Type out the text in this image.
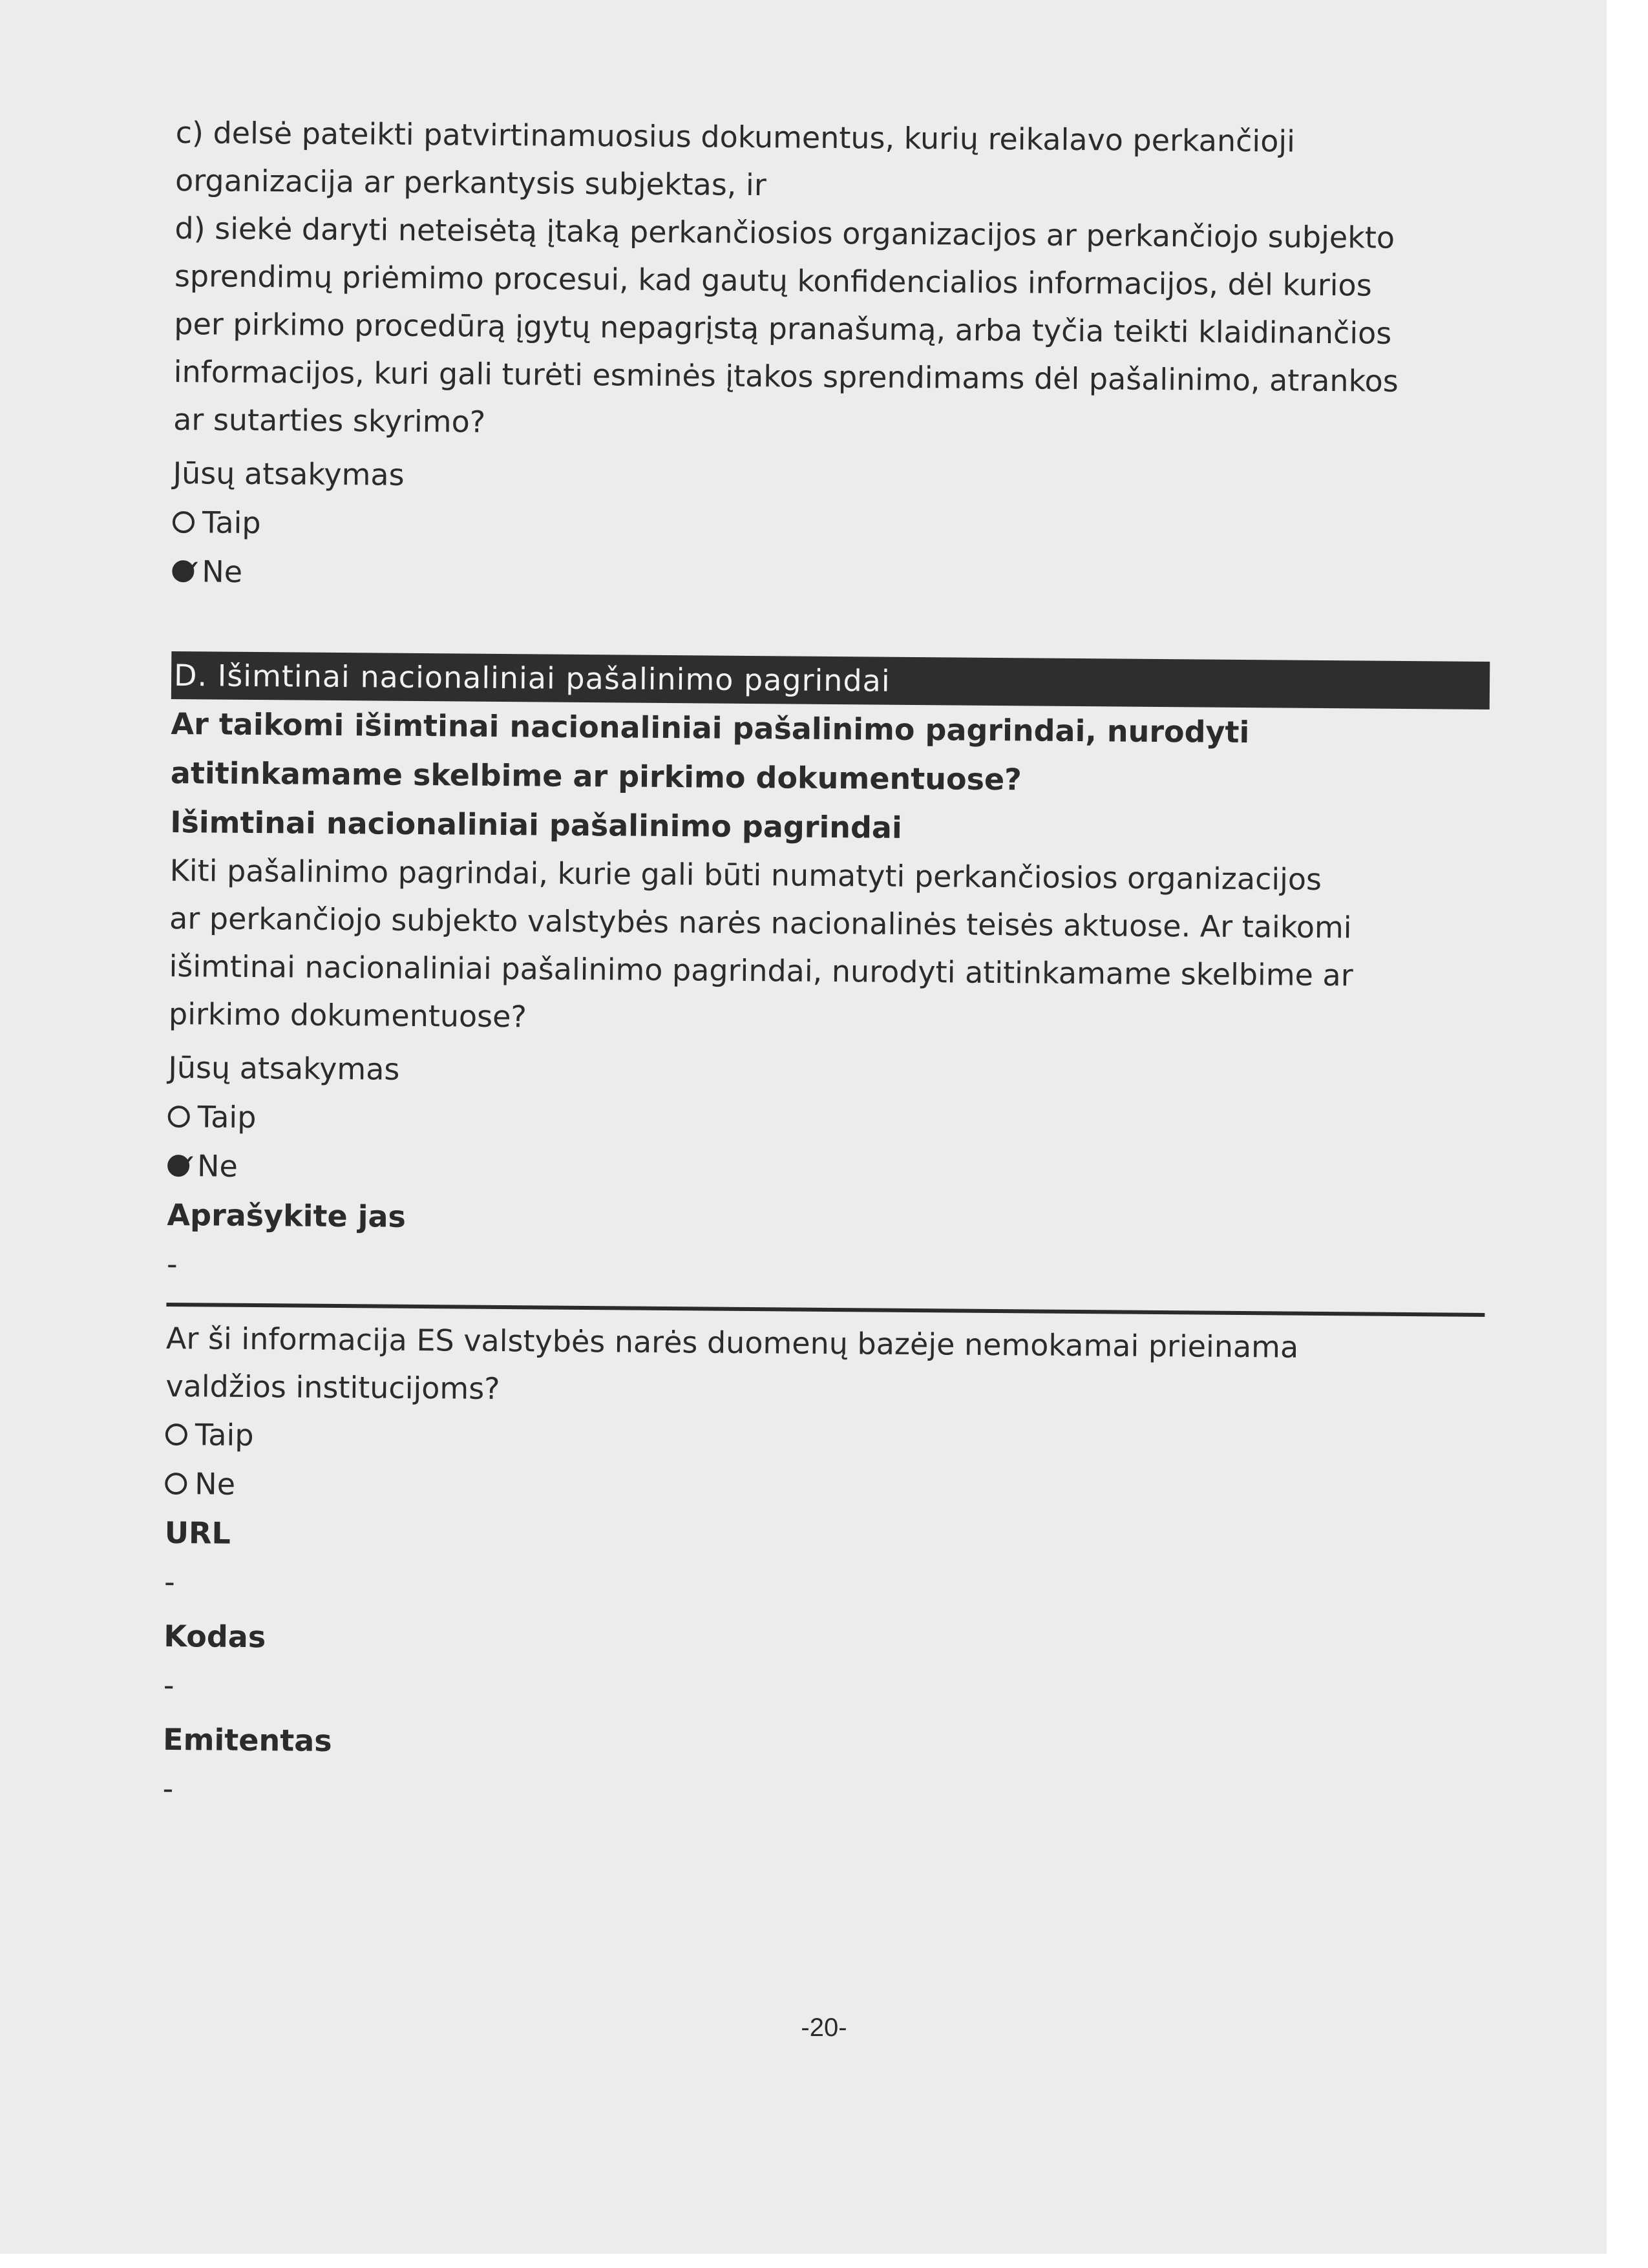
c) delsė pateikti patvirtinamuosius dokumentus, kurių reikalavo perkančioji

organizacija ar perkantysis subjektas, ir

d) siekė daryti neteisėtą įtaką perkančiosios organizacijos ar perkančiojo subjekto

sprendimų priėmimo procesui, kad gautų konfidencialios informacijos, dėl kurios

per pirkimo procedūrą įgytų nepagrįstą pranašumą, arba tyčia teikti klaidinančios

informacijos, kuri gali turėti esminės įtakos sprendimams dėl pašalinimo, atrankos

ar sutarties skyrimo?

Jūsų atsakymas

Taip
✓
Ne
D. Išimtinai nacionaliniai pašalinimo pagrindai

Ar taikomi išimtinai nacionaliniai pašalinimo pagrindai, nurodyti

atitinkamame skelbime ar pirkimo dokumentuose?

Išimtinai nacionaliniai pašalinimo pagrindai

Kiti pašalinimo pagrindai, kurie gali būti numatyti perkančiosios organizacijos

ar perkančiojo subjekto valstybės narės nacionalinės teisės aktuose. Ar taikomi

išimtinai nacionaliniai pašalinimo pagrindai, nurodyti atitinkamame skelbime ar

pirkimo dokumentuose?

Jūsų atsakymas

Taip
✓
Ne

Aprašykite jas

-

Ar ši informacija ES valstybės narės duomenų bazėje nemokamai prieinama

valdžios institucijoms?

Taip
Ne

URL

-

Kodas

-

Emitentas

-

-20-
